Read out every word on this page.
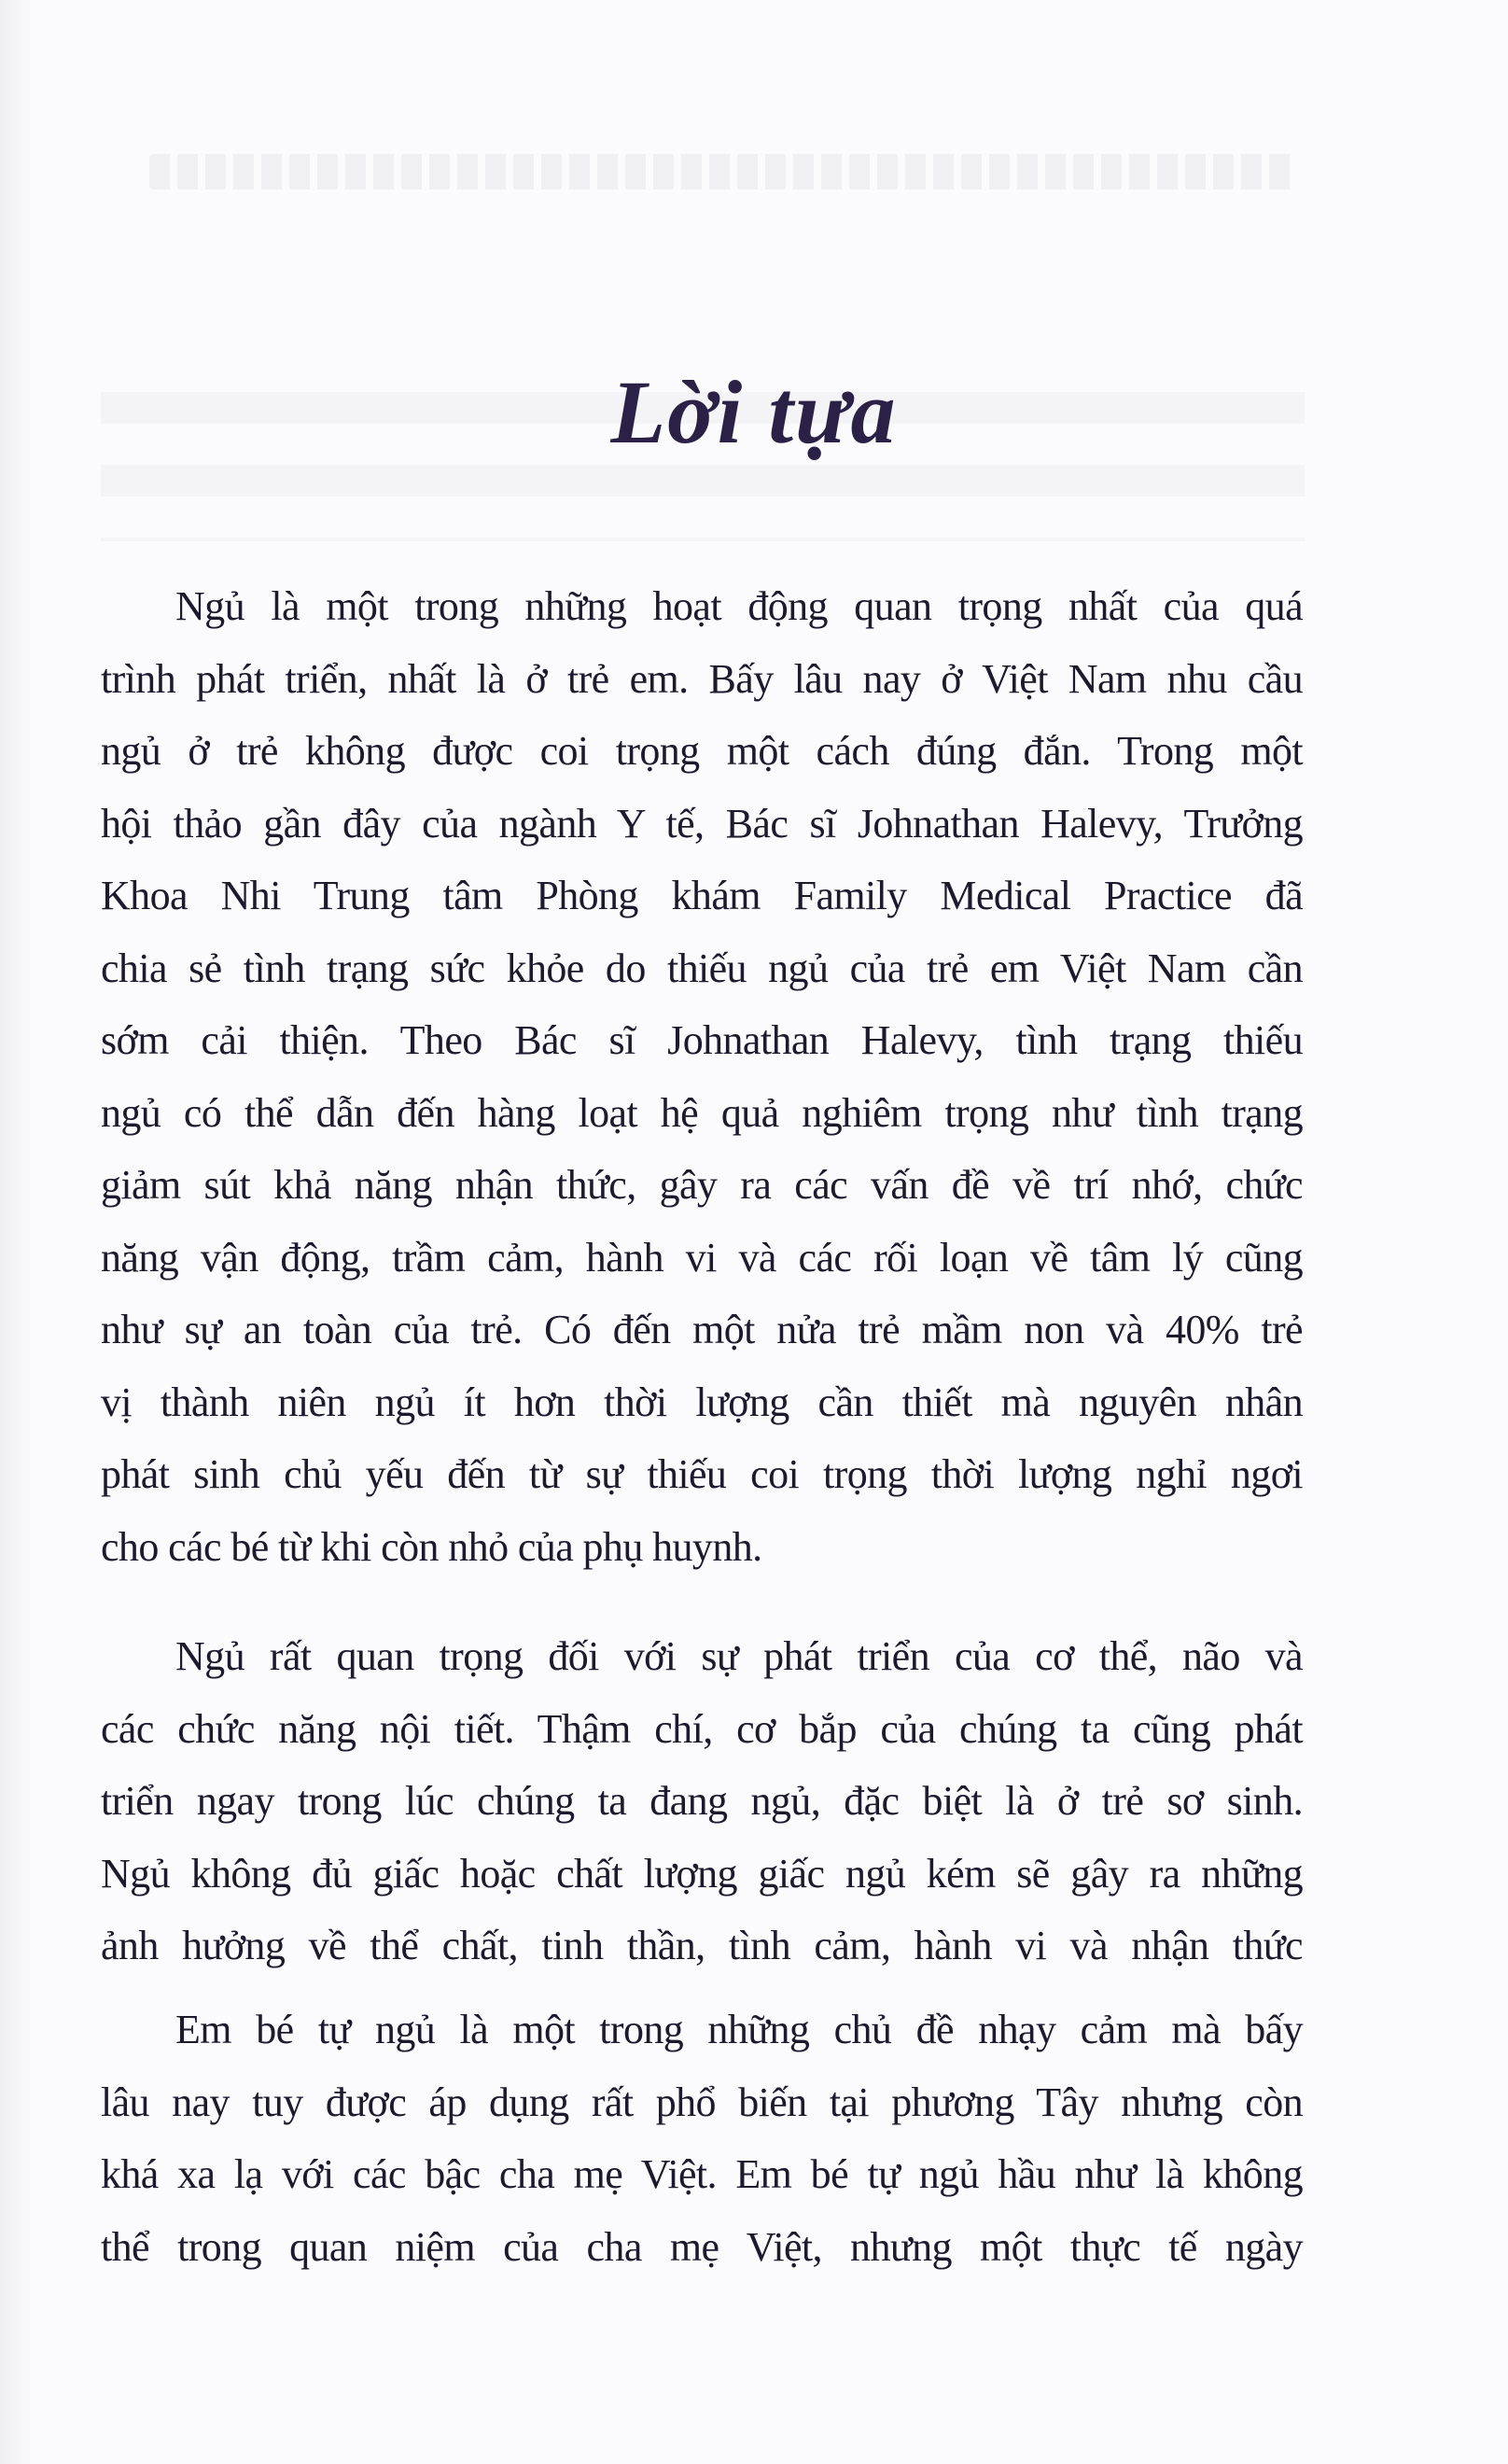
Lời tựa
Ngủ là một trong những hoạt động quan trọng nhất của quá
trình phát triển, nhất là ở trẻ em. Bấy lâu nay ở Việt Nam nhu cầu
ngủ ở trẻ không được coi trọng một cách đúng đắn. Trong một
hội thảo gần đây của ngành Y tế, Bác sĩ Johnathan Halevy, Trưởng
Khoa Nhi Trung tâm Phòng khám Family Medical Practice đã
chia sẻ tình trạng sức khỏe do thiếu ngủ của trẻ em Việt Nam cần
sớm cải thiện. Theo Bác sĩ Johnathan Halevy, tình trạng thiếu
ngủ có thể dẫn đến hàng loạt hệ quả nghiêm trọng như tình trạng
giảm sút khả năng nhận thức, gây ra các vấn đề về trí nhớ, chức
năng vận động, trầm cảm, hành vi và các rối loạn về tâm lý cũng
như sự an toàn của trẻ. Có đến một nửa trẻ mầm non và 40% trẻ
vị thành niên ngủ ít hơn thời lượng cần thiết mà nguyên nhân
phát sinh chủ yếu đến từ sự thiếu coi trọng thời lượng nghỉ ngơi
cho các bé từ khi còn nhỏ của phụ huynh.
Ngủ rất quan trọng đối với sự phát triển của cơ thể, não và
các chức năng nội tiết. Thậm chí, cơ bắp của chúng ta cũng phát
triển ngay trong lúc chúng ta đang ngủ, đặc biệt là ở trẻ sơ sinh.
Ngủ không đủ giấc hoặc chất lượng giấc ngủ kém sẽ gây ra những
ảnh hưởng về thể chất, tinh thần, tình cảm, hành vi và nhận thức
Em bé tự ngủ là một trong những chủ đề nhạy cảm mà bấy
lâu nay tuy được áp dụng rất phổ biến tại phương Tây nhưng còn
khá xa lạ với các bậc cha mẹ Việt. Em bé tự ngủ hầu như là không
thể trong quan niệm của cha mẹ Việt, nhưng một thực tế ngày
